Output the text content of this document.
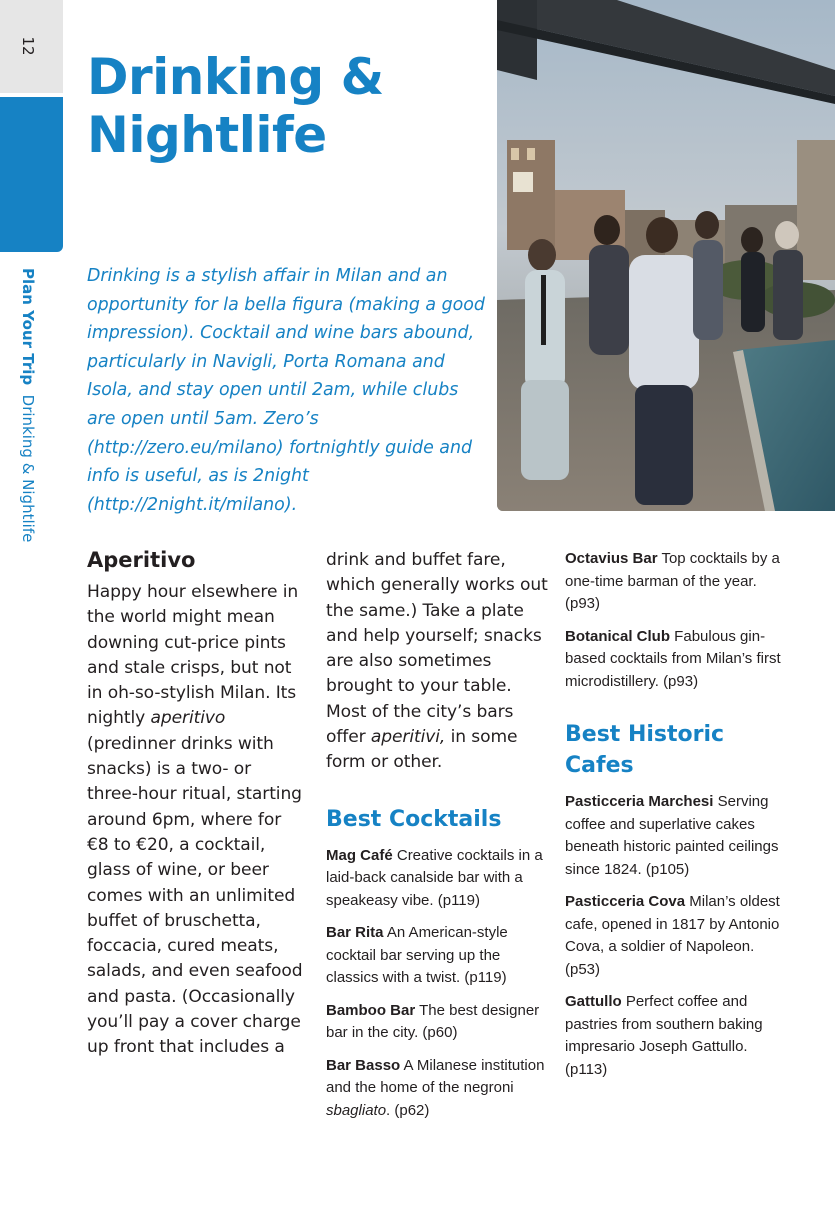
12
Plan Your Trip  Drinking & Nightlife
Drinking &
Nightlife
Drinking is a stylish affair in Milan and an opportunity for la bella figura (making a good impression). Cocktail and wine bars abound, particularly in Navigli, Porta Romana and Isola, and stay open until 2am, while clubs are open until 5am. Zero’s (http://zero.eu/milano) fortnightly guide and info is useful, as is 2night (http://2night.it/milano).
Aperitivo
Happy hour elsewhere in the world might mean downing cut-price pints and stale crisps, but not in oh-so-stylish Milan. Its nightly aperitivo (predinner drinks with snacks) is a two- or three-hour ritual, starting around 6pm, where for €8 to €20, a cocktail, glass of wine, or beer comes with an unlimited buffet of bruschetta, foccacia, cured meats, salads, and even seafood and pasta. (Occasionally you’ll pay a cover charge up front that includes a
drink and buffet fare, which generally works out the same.) Take a plate and help yourself; snacks are also sometimes brought to your table. Most of the city’s bars offer aperitivi, in some form or other.
Best Cocktails
Mag Café Creative cocktails in a laid-back canalside bar with a speakeasy vibe. (p119)
Bar Rita An American-style cocktail bar serving up the classics with a twist. (p119)
Bamboo Bar The best designer bar in the city. (p60)
Bar Basso A Milanese institution and the home of the negroni sbagliato. (p62)
Octavius Bar Top cocktails by a one-time barman of the year. (p93)
Botanical Club Fabulous gin-based cocktails from Milan’s first microdistillery. (p93)
Best Historic Cafes
Pasticceria Marchesi Serving coffee and superlative cakes beneath historic painted ceilings since 1824. (p105)
Pasticceria Cova Milan’s oldest cafe, opened in 1817 by Antonio Cova, a soldier of Napoleon. (p53)
Gattullo Perfect coffee and pastries from southern baking impresario Joseph Gattullo. (p113)
